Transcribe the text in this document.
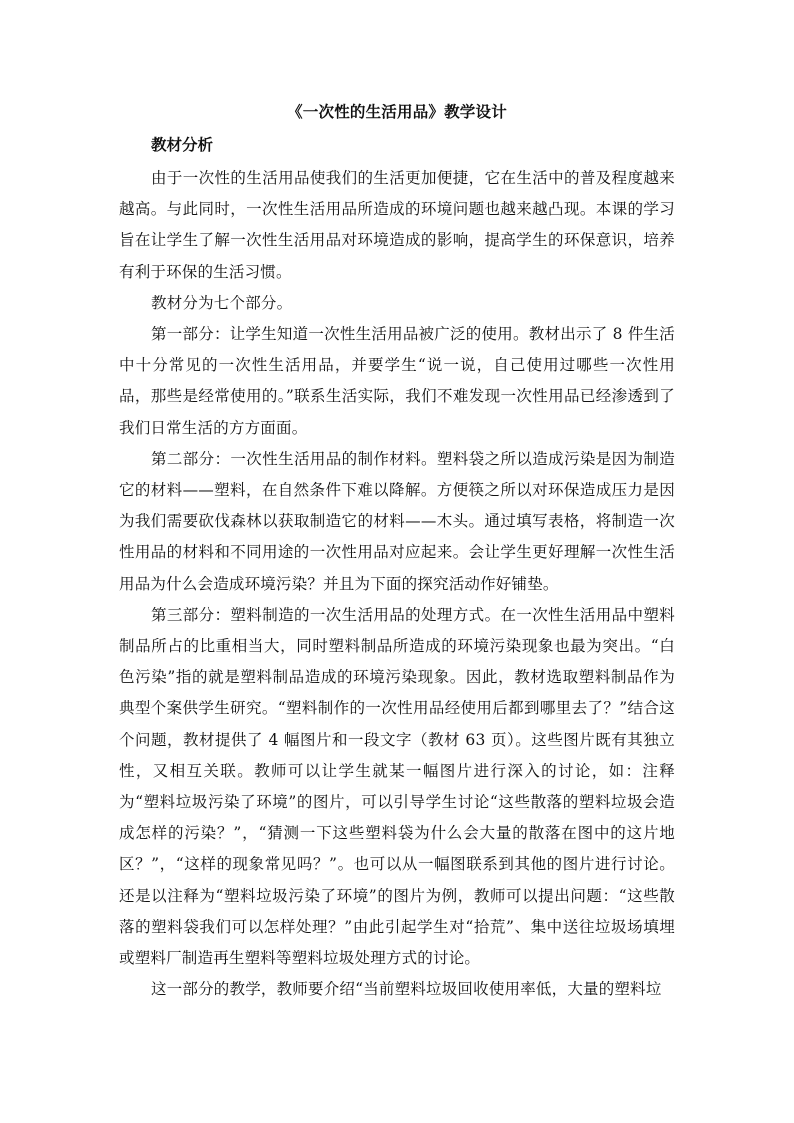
《一次性的生活用品》教学设计
教材分析

由于一次性的生活用品使我们的生活更加便捷，它在生活中的普及程度越来越高。与此同时，一次性生活用品所造成的环境问题也越来越凸现。本课的学习旨在让学生了解一次性生活用品对环境造成的影响，提高学生的环保意识，培养有利于环保的生活习惯。

教材分为七个部分。

第一部分：让学生知道一次性生活用品被广泛的使用。教材出示了 8 件生活中十分常见的一次性生活用品，并要学生“说一说，自己使用过哪些一次性用品，那些是经常使用的。”联系生活实际，我们不难发现一次性用品已经渗透到了我们日常生活的方方面面。

第二部分：一次性生活用品的制作材料。塑料袋之所以造成污染是因为制造它的材料——塑料，在自然条件下难以降解。方便筷之所以对环保造成压力是因为我们需要砍伐森林以获取制造它的材料——木头。通过填写表格，将制造一次性用品的材料和不同用途的一次性用品对应起来。会让学生更好理解一次性生活用品为什么会造成环境污染？并且为下面的探究活动作好铺垫。

第三部分：塑料制造的一次生活用品的处理方式。在一次性生活用品中塑料制品所占的比重相当大，同时塑料制品所造成的环境污染现象也最为突出。“白色污染”指的就是塑料制品造成的环境污染现象。因此，教材选取塑料制品作为典型个案供学生研究。“塑料制作的一次性用品经使用后都到哪里去了？”结合这个问题，教材提供了 4 幅图片和一段文字（教材 63 页）。这些图片既有其独立性，又相互关联。教师可以让学生就某一幅图片进行深入的讨论，如：注释为“塑料垃圾污染了环境”的图片，可以引导学生讨论“这些散落的塑料垃圾会造成怎样的污染？”，“猜测一下这些塑料袋为什么会大量的散落在图中的这片地区？”，“这样的现象常见吗？”。也可以从一幅图联系到其他的图片进行讨论。还是以注释为“塑料垃圾污染了环境”的图片为例，教师可以提出问题：“这些散落的塑料袋我们可以怎样处理？”由此引起学生对“拾荒”、集中送往垃圾场填埋或塑料厂制造再生塑料等塑料垃圾处理方式的讨论。

这一部分的教学，教师要介绍“当前塑料垃圾回收使用率低，大量的塑料垃
